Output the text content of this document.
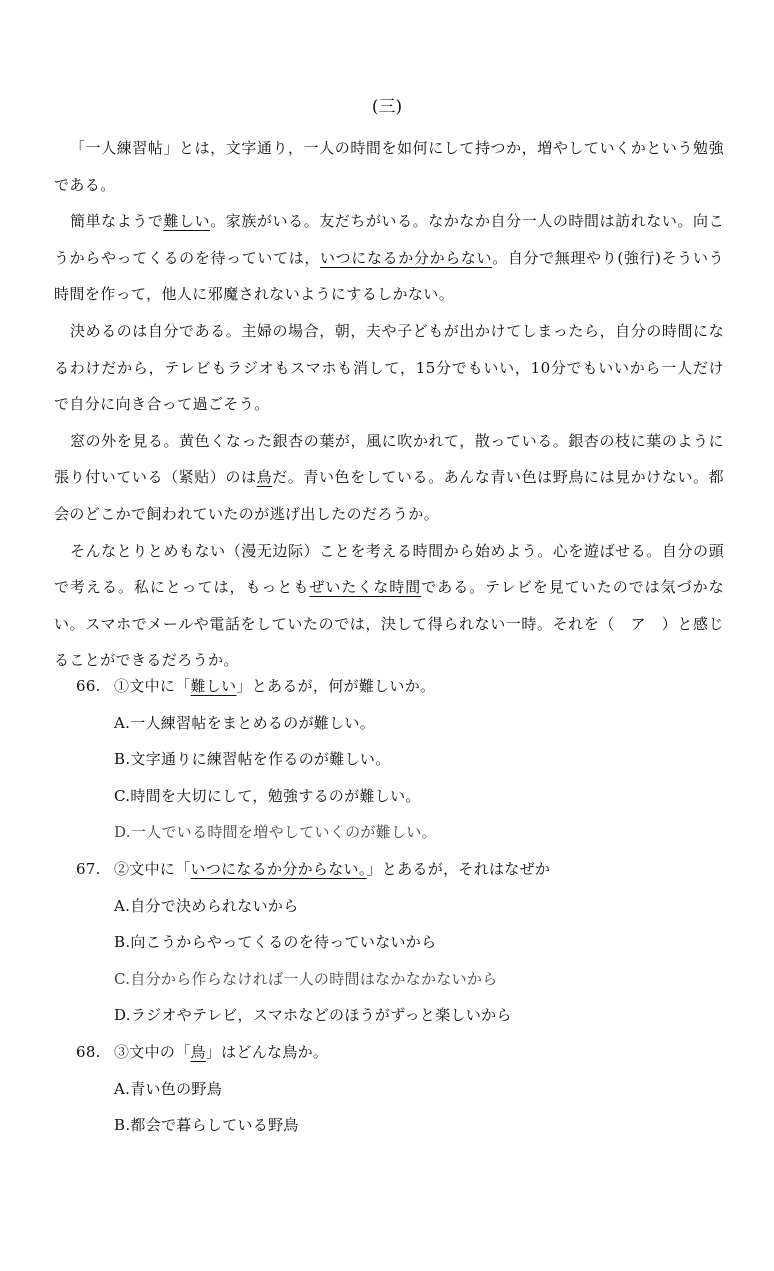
(三)

「一人練習帖」とは，文字通り，一人の時間を如何にして持つか，増やしていくかという勉強である。

簡単なようで難しい。家族がいる。友だちがいる。なかなか自分一人の時間は訪れない。向こうからやってくるのを待っていては，いつになるか分からない。自分で無理やり(強行)そういう時間を作って，他人に邪魔されないようにするしかない。

決めるのは自分である。主婦の場合，朝，夫や子どもが出かけてしまったら，自分の時間になるわけだから，テレビもラジオもスマホも消して，15分でもいい，10分でもいいから一人だけで自分に向き合って過ごそう。

窓の外を見る。黄色くなった銀杏の葉が，風に吹かれて，散っている。銀杏の枝に葉のように張り付いている（紧贴）のは鳥だ。青い色をしている。あんな青い色は野鳥には見かけない。都会のどこかで飼われていたのが逃げ出したのだろうか。

そんなとりとめもない（漫无边际）ことを考える時間から始めよう。心を遊ばせる。自分の頭で考える。私にとっては，もっともぜいたくな時間である。テレビを見ていたのでは気づかない。スマホでメールや電話をしていたのでは，決して得られない一時。それを（　ア　）と感じることができるだろうか。

66. ①文中に「難しい」とあるが，何が難しいか。
A.一人練習帖をまとめるのが難しい。
B.文字通りに練習帖を作るのが難しい。
C.時間を大切にして，勉強するのが難しい。
D.一人でいる時間を増やしていくのが難しい。
67. ②文中に「いつになるか分からない。」とあるが，それはなぜか
A.自分で決められないから
B.向こうからやってくるのを待っていないから
C.自分から作らなければ一人の時間はなかなかないから
D.ラジオやテレビ，スマホなどのほうがずっと楽しいから
68. ③文中の「鳥」はどんな鳥か。
A.青い色の野鳥
B.都会で暮らしている野鳥
